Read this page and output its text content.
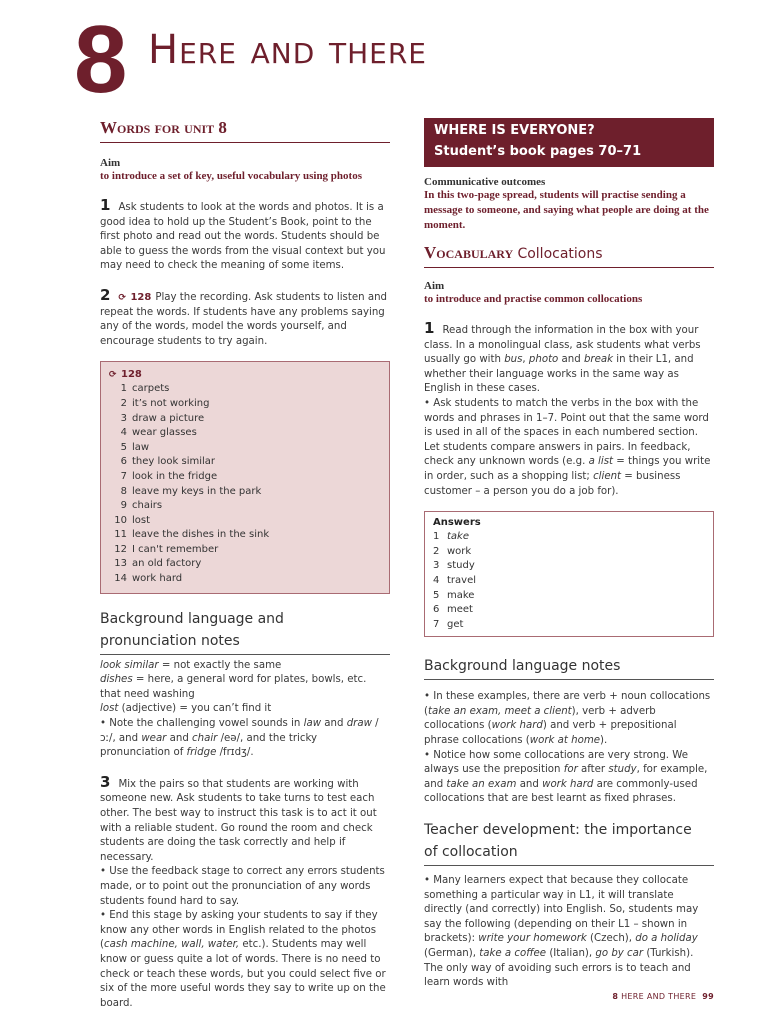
8 Here and there
Words for unit 8
Aim
to introduce a set of key, useful vocabulary using photos
1 Ask students to look at the words and photos. It is a good idea to hold up the Student’s Book, point to the first photo and read out the words. Students should be able to guess the words from the visual context but you may need to check the meaning of some items.
2 ⟳ 128 Play the recording. Ask students to listen and repeat the words. If students have any problems saying any of the words, model the words yourself, and encourage students to try again.
⟳ 128
1 carpets
2 it’s not working
3 draw a picture
4 wear glasses
5 law
6 they look similar
7 look in the fridge
8 leave my keys in the park
9 chairs
10 lost
11 leave the dishes in the sink
12 I can't remember
13 an old factory
14 work hard
Background language and
pronunciation notes
look similar = not exactly the same
dishes = here, a general word for plates, bowls, etc. that need washing
lost (adjective) = you can’t find it
• Note the challenging vowel sounds in law and draw /ɔː/, and wear and chair /eə/, and the tricky pronunciation of fridge /frɪdʒ/.
3 Mix the pairs so that students are working with someone new. Ask students to take turns to test each other. The best way to instruct this task is to act it out with a reliable student. Go round the room and check students are doing the task correctly and help if necessary.
• Use the feedback stage to correct any errors students made, or to point out the pronunciation of any words students found hard to say.
• End this stage by asking your students to say if they know any other words in English related to the photos (cash machine, wall, water, etc.). Students may well know or guess quite a lot of words. There is no need to check or teach these words, but you could select five or six of the more useful words they say to write up on the board.
WHERE IS EVERYONE?
Student’s book pages 70–71
Communicative outcomes
In this two-page spread, students will practise sending a message to someone, and saying what people are doing at the moment.
Vocabulary Collocations
Aim
to introduce and practise common collocations
1 Read through the information in the box with your class. In a monolingual class, ask students what verbs usually go with bus, photo and break in their L1, and whether their language works in the same way as English in these cases.
• Ask students to match the verbs in the box with the words and phrases in 1–7. Point out that the same word is used in all of the spaces in each numbered section. Let students compare answers in pairs. In feedback, check any unknown words (e.g. a list = things you write in order, such as a shopping list; client = business customer – a person you do a job for).
Answers
1 take
2 work
3 study
4 travel
5 make
6 meet
7 get
Background language notes
• In these examples, there are verb + noun collocations (take an exam, meet a client), verb + adverb collocations (work hard) and verb + prepositional phrase collocations (work at home).
• Notice how some collocations are very strong. We always use the preposition for after study, for example, and take an exam and work hard are commonly-used collocations that are best learnt as fixed phrases.
Teacher development: the importance
of collocation
• Many learners expect that because they collocate something a particular way in L1, it will translate directly (and correctly) into English. So, students may say the following (depending on their L1 – shown in brackets): write your homework (Czech), do a holiday (German), take a coffee (Italian), go by car (Turkish). The only way of avoiding such errors is to teach and learn words with
8 HERE AND THERE 99
